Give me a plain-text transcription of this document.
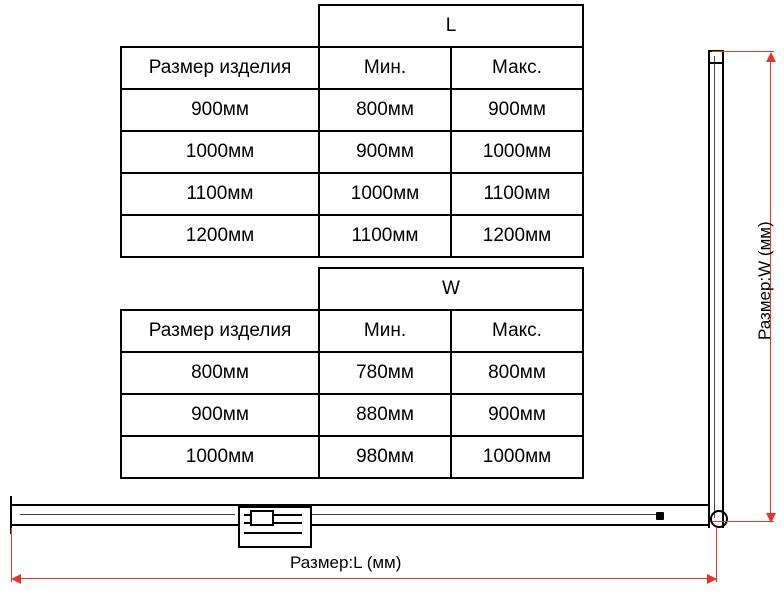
	L	
Размер изделия	Мин.	Макс.
900мм	800мм	900мм
1000мм	900мм	1000мм
1100мм	1000мм	1100мм
1200мм	1100мм	1200мм
	W	
Размер изделия	Мин.	Макс.
800мм	780мм	800мм
900мм	880мм	900мм
1000мм	980мм	1000мм
Размер:W (мм)
Размер:L (мм)
